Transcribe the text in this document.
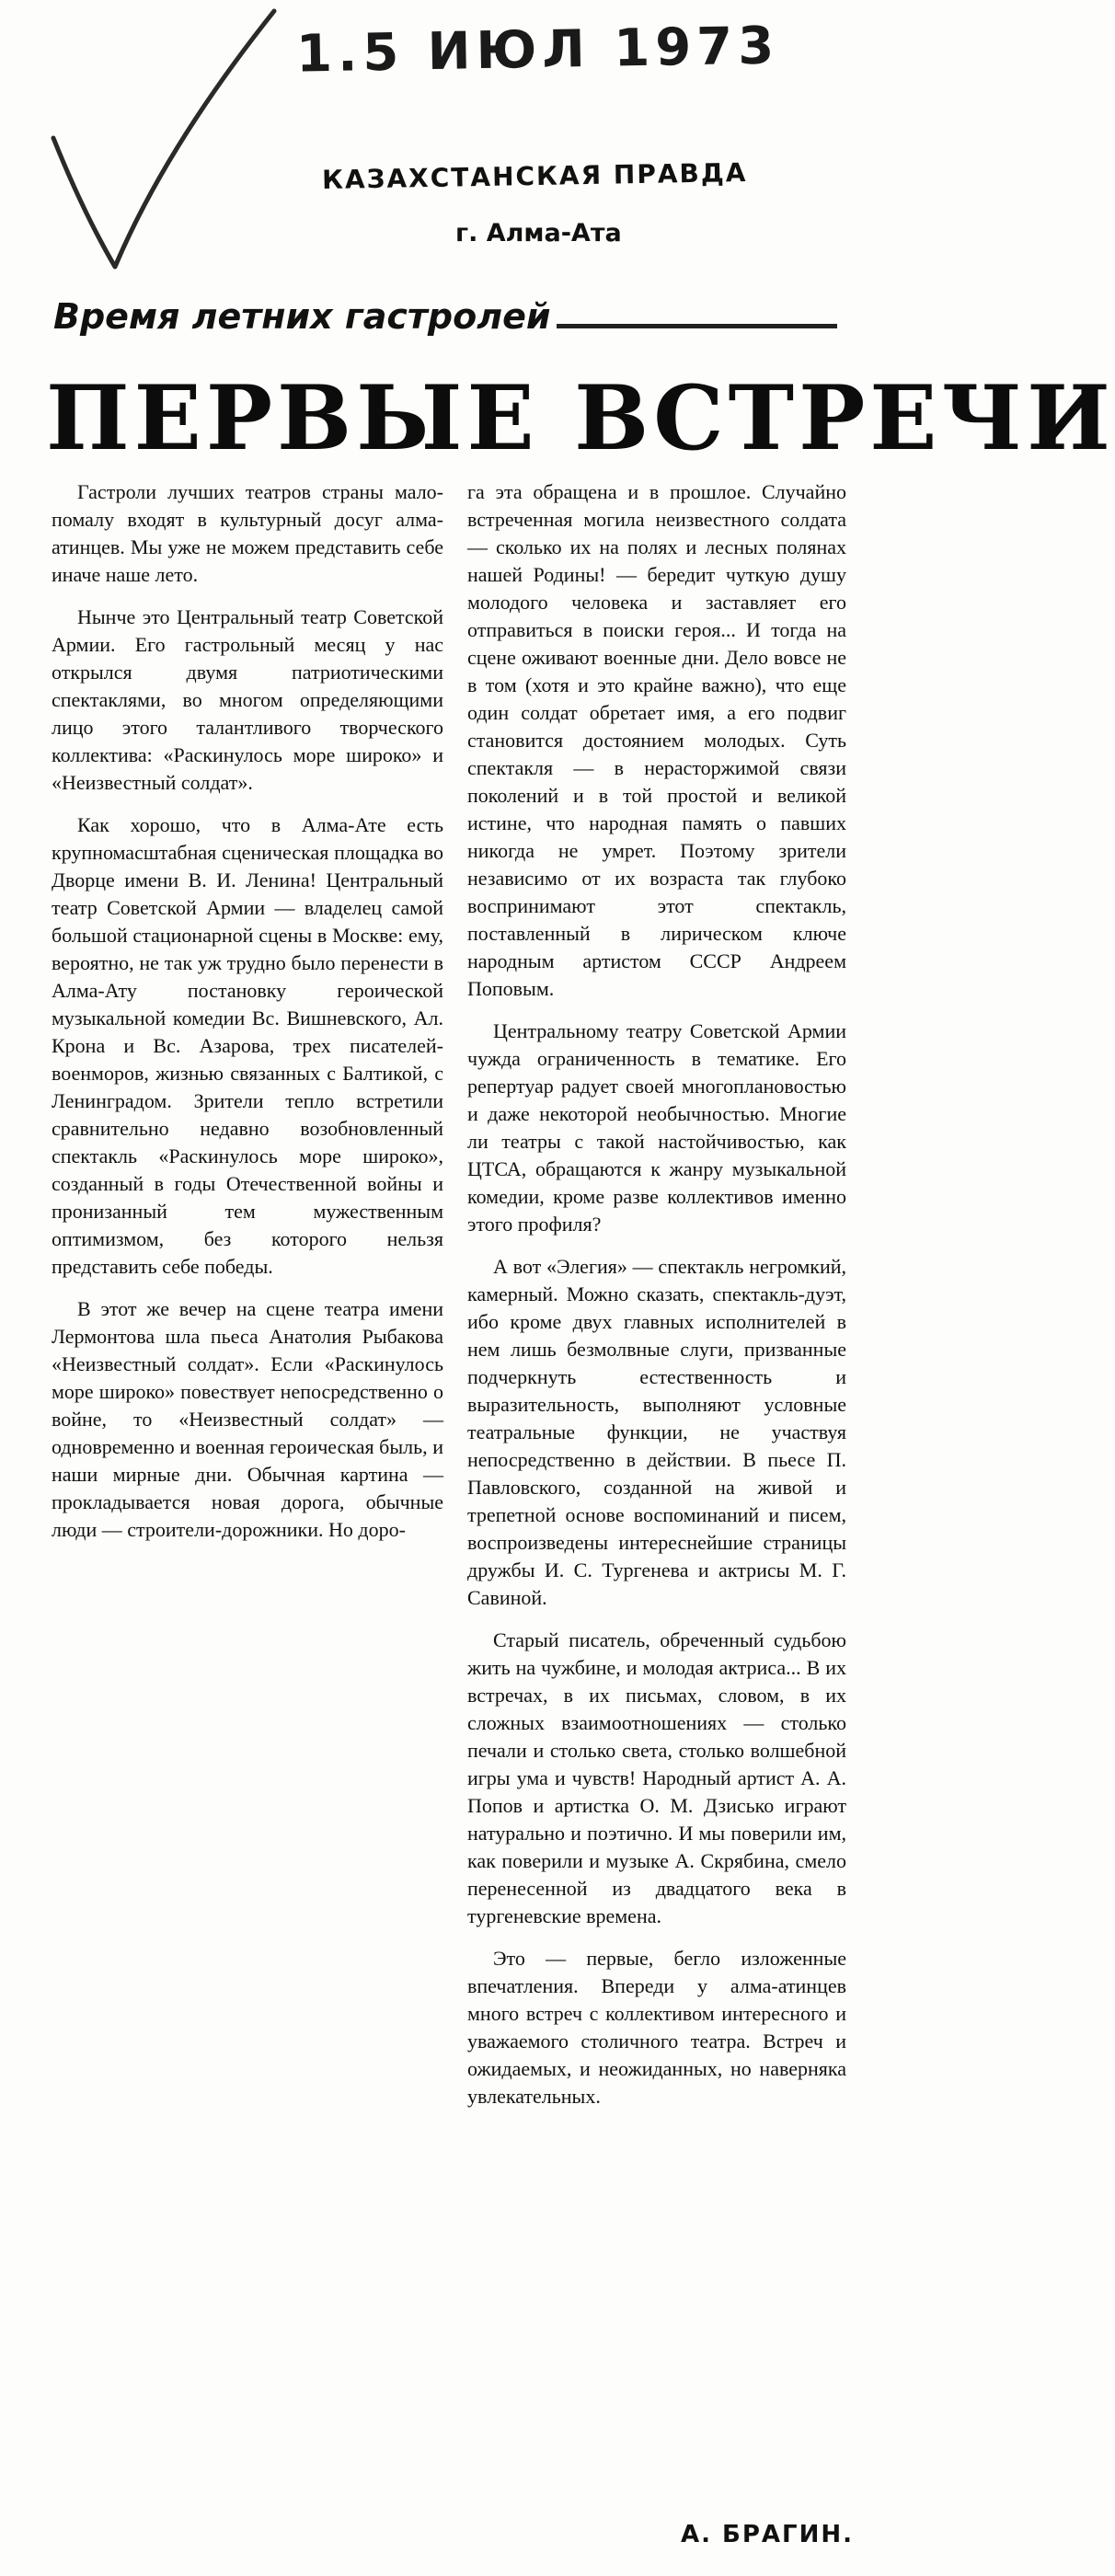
1.5 ИЮЛ 1973
КАЗАХСТАНСКАЯ ПРАВДА
г. Алма-Ата
Время летних гастролей
ПЕРВЫЕ ВСТРЕЧИ

Гастроли лучших театров страны мало-помалу входят в культурный досуг алма-атинцев. Мы уже не можем представить себе иначе наше лето.

Нынче это Центральный театр Советской Армии. Его гастрольный месяц у нас открылся двумя патриотическими спектаклями, во многом определяющими лицо этого талантливого творческого коллектива: «Раскинулось море широко» и «Неизвестный солдат».

Как хорошо, что в Алма-Ате есть крупномасштабная сценическая площадка во Дворце имени В. И. Ленина! Центральный театр Советской Армии — владелец самой большой стационарной сцены в Москве: ему, вероятно, не так уж трудно было перенести в Алма-Ату постановку героической музыкальной комедии Вс. Вишневского, Ал. Крона и Вс. Азарова, трех писателей-военморов, жизнью связанных с Балтикой, с Ленинградом. Зрители тепло встретили сравнительно недавно возобновленный спектакль «Раскинулось море широко», созданный в годы Отечественной войны и пронизанный тем мужественным оптимизмом, без которого нельзя представить себе победы.

В этот же вечер на сцене театра имени Лермонтова шла пьеса Анатолия Рыбакова «Неизвестный солдат». Если «Раскинулось море широко» повествует непосредственно о войне, то «Неизвестный солдат» — одновременно и военная героическая быль, и наши мирные дни. Обычная картина — прокладывается новая дорога, обычные люди — строители-дорожники. Но доро-

га эта обращена и в прошлое. Случайно встреченная могила неизвестного солдата — сколько их на полях и лесных полянах нашей Родины! — бередит чуткую душу молодого человека и заставляет его отправиться в поиски героя... И тогда на сцене оживают военные дни. Дело вовсе не в том (хотя и это крайне важно), что еще один солдат обретает имя, а его подвиг становится достоянием молодых. Суть спектакля — в нерасторжимой связи поколений и в той простой и великой истине, что народная память о павших никогда не умрет. Поэтому зрители независимо от их возраста так глубоко воспринимают этот спектакль, поставленный в лирическом ключе народным артистом СССР Андреем Поповым.

Центральному театру Советской Армии чужда ограниченность в тематике. Его репертуар радует своей многоплановостью и даже некоторой необычностью. Многие ли театры с такой настойчивостью, как ЦТСА, обращаются к жанру музыкальной комедии, кроме разве коллективов именно этого профиля?

А вот «Элегия» — спектакль негромкий, камерный. Можно сказать, спектакль-дуэт, ибо кроме двух главных исполнителей в нем лишь безмолвные слуги, призванные подчеркнуть естественность и выразительность, выполняют условные театральные функции, не участвуя непосредственно в действии. В пьесе П. Павловского, созданной на живой и трепетной основе воспоминаний и писем, воспроизведены интереснейшие страницы дружбы И. С. Тургенева и актрисы М. Г. Савиной.

Старый писатель, обреченный судьбою жить на чужбине, и молодая актриса... В их встречах, в их письмах, словом, в их сложных взаимоотношениях — столько печали и столько света, столько волшебной игры ума и чувств! Народный артист А. А. Попов и артистка О. М. Дзисько играют натурально и поэтично. И мы поверили им, как поверили и музыке А. Скрябина, смело перенесенной из двадцатого века в тургеневские времена.

Это — первые, бегло изложенные впечатления. Впереди у алма-атинцев много встреч с коллективом интересного и уважаемого столичного театра. Встреч и ожидаемых, и неожиданных, но наверняка увлекательных.

А. БРАГИН.
